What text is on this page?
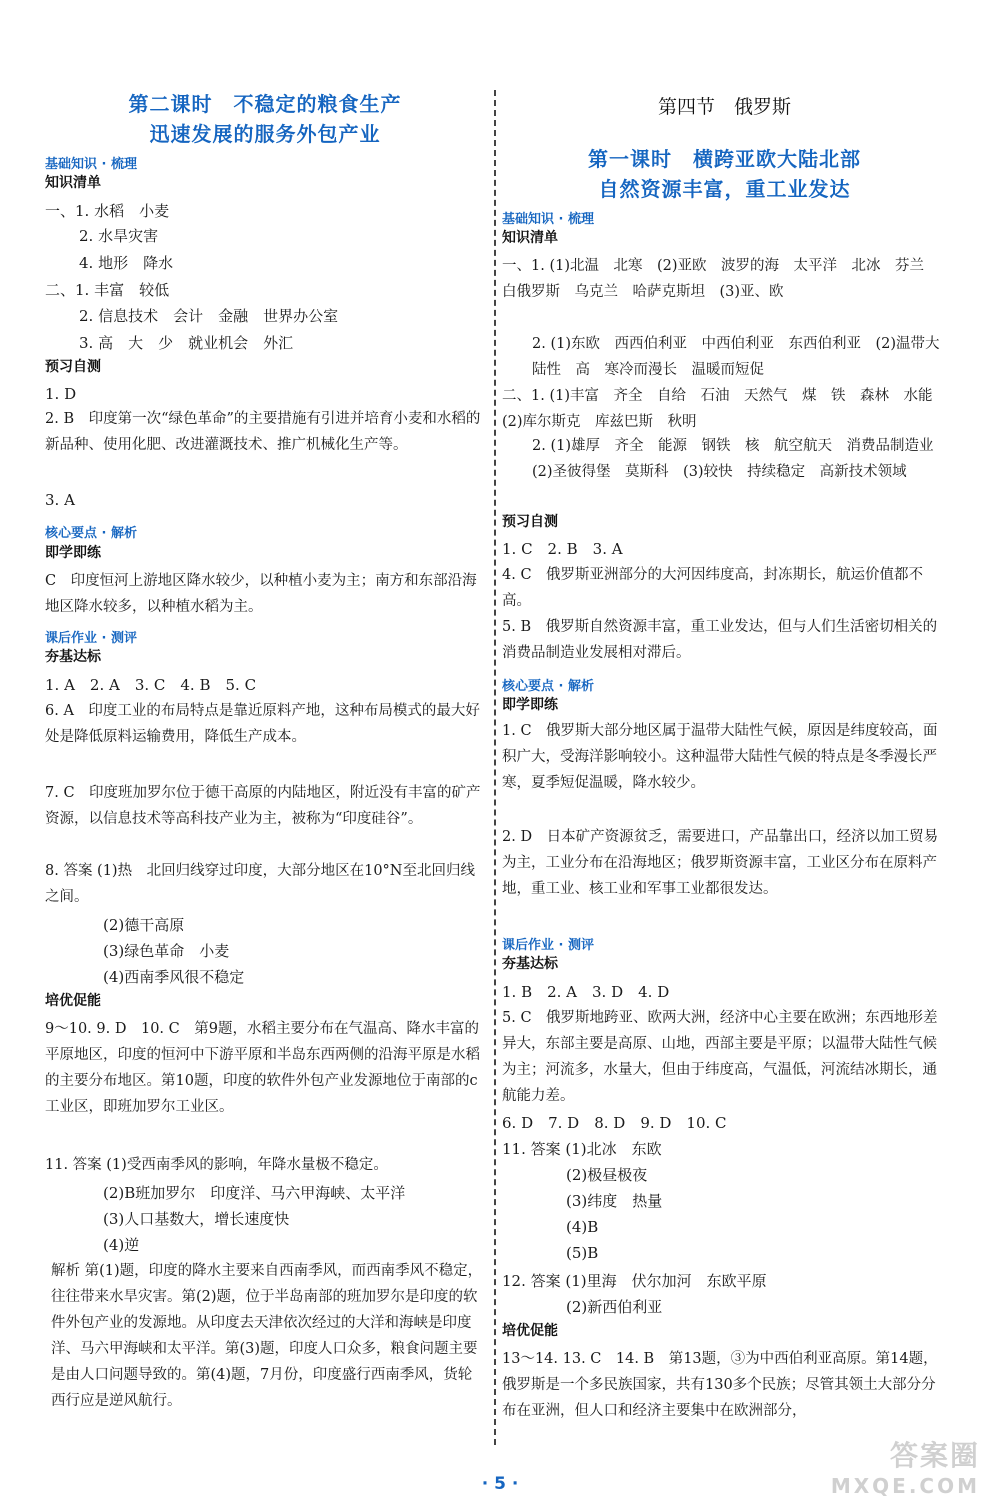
第二课时　不稳定的粮食生产
迅速发展的服务外包产业
基础知识 · 梳理
知识清单
一、1. 水稻　小麦
2. 水旱灾害
4. 地形　降水
二、1. 丰富　较低
2. 信息技术　会计　金融　世界办公室
3. 高　大　少　就业机会　外汇
预习自测
1. D
2. B　印度第一次“绿色革命”的主要措施有引进并培育小麦和水稻的新品种、使用化肥、改进灌溉技术、推广机械化生产等。
3. A
核心要点 · 解析
即学即练
C　印度恒河上游地区降水较少，以种植小麦为主；南方和东部沿海地区降水较多，以种植水稻为主。
课后作业 · 测评
夯基达标
1. A　2. A　3. C　4. B　5. C
6. A　印度工业的布局特点是靠近原料产地，这种布局模式的最大好处是降低原料运输费用，降低生产成本。
7. C　印度班加罗尔位于德干高原的内陆地区，附近没有丰富的矿产资源，以信息技术等高科技产业为主，被称为“印度硅谷”。
8. 答案 (1)热　北回归线穿过印度，大部分地区在10°N至北回归线之间。
(2)德干高原
(3)绿色革命　小麦
(4)西南季风很不稳定
培优促能
9～10. 9. D　10. C　第9题，水稻主要分布在气温高、降水丰富的平原地区，印度的恒河中下游平原和半岛东西两侧的沿海平原是水稻的主要分布地区。第10题，印度的软件外包产业发源地位于南部的c工业区，即班加罗尔工业区。
11. 答案 (1)受西南季风的影响，年降水量极不稳定。
(2)B班加罗尔　印度洋、马六甲海峡、太平洋
(3)人口基数大，增长速度快
(4)逆
解析 第(1)题，印度的降水主要来自西南季风，而西南季风不稳定，往往带来水旱灾害。第(2)题，位于半岛南部的班加罗尔是印度的软件外包产业的发源地。从印度去天津依次经过的大洋和海峡是印度洋、马六甲海峡和太平洋。第(3)题，印度人口众多，粮食问题主要是由人口问题导致的。第(4)题，7月份，印度盛行西南季风，货轮西行应是逆风航行。
第四节　俄罗斯
第一课时　横跨亚欧大陆北部
自然资源丰富，重工业发达
基础知识 · 梳理
知识清单
一、1. (1)北温　北寒　(2)亚欧　波罗的海　太平洋　北冰　芬兰　白俄罗斯　乌克兰　哈萨克斯坦　(3)亚、欧
2. (1)东欧　西西伯利亚　中西伯利亚　东西伯利亚　(2)温带大陆性　高　寒冷而漫长　温暖而短促
二、1. (1)丰富　齐全　自给　石油　天然气　煤　铁　森林　水能　(2)库尔斯克　库兹巴斯　秋明
2. (1)雄厚　齐全　能源　钢铁　核　航空航天　消费品制造业　(2)圣彼得堡　莫斯科　(3)较快　持续稳定　高新技术领域
预习自测
1. C　2. B　3. A
4. C　俄罗斯亚洲部分的大河因纬度高，封冻期长，航运价值都不高。
5. B　俄罗斯自然资源丰富，重工业发达，但与人们生活密切相关的消费品制造业发展相对滞后。
核心要点 · 解析
即学即练
1. C　俄罗斯大部分地区属于温带大陆性气候，原因是纬度较高，面积广大，受海洋影响较小。这种温带大陆性气候的特点是冬季漫长严寒，夏季短促温暖，降水较少。
2. D　日本矿产资源贫乏，需要进口，产品靠出口，经济以加工贸易为主，工业分布在沿海地区；俄罗斯资源丰富，工业区分布在原料产地，重工业、核工业和军事工业都很发达。
课后作业 · 测评
夯基达标
1. B　2. A　3. D　4. D
5. C　俄罗斯地跨亚、欧两大洲，经济中心主要在欧洲；东西地形差异大，东部主要是高原、山地，西部主要是平原；以温带大陆性气候为主；河流多，水量大，但由于纬度高，气温低，河流结冰期长，通航能力差。
6. D　7. D　8. D　9. D　10. C
11. 答案 (1)北冰　东欧
(2)极昼极夜
(3)纬度　热量
(4)B
(5)B
12. 答案 (1)里海　伏尔加河　东欧平原
(2)新西伯利亚
培优促能
13～14. 13. C　14. B　第13题，③为中西伯利亚高原。第14题，俄罗斯是一个多民族国家，共有130多个民族；尽管其领土大部分分布在亚洲，但人口和经济主要集中在欧洲部分，
· 5 ·
答案圈
MXQE.COM
